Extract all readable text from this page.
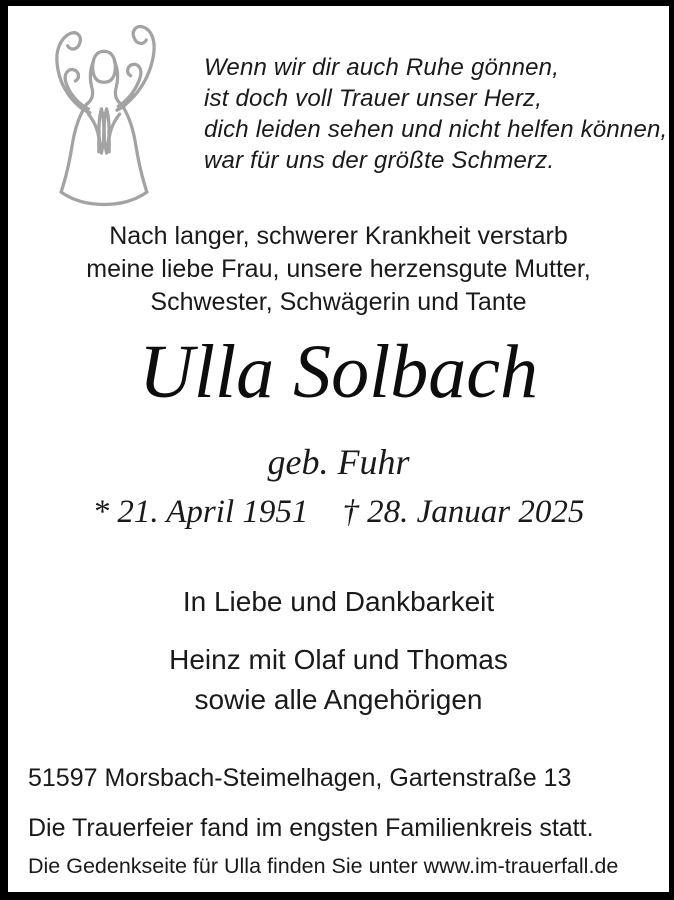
Wenn wir dir auch Ruhe gönnen,
ist doch voll Trauer unser Herz,
dich leiden sehen und nicht helfen können,
war für uns der größte Schmerz.
Nach langer, schwerer Krankheit verstarb
meine liebe Frau, unsere herzensgute Mutter,
Schwester, Schwägerin und Tante
Ulla Solbach
geb. Fuhr
* 21. April 1951 † 28. Januar 2025
In Liebe und Dankbarkeit
Heinz mit Olaf und Thomas
sowie alle Angehörigen
51597 Morsbach-Steimelhagen, Gartenstraße 13
Die Trauerfeier fand im engsten Familienkreis statt.
Die Gedenkseite für Ulla finden Sie unter www.im-trauerfall.de
